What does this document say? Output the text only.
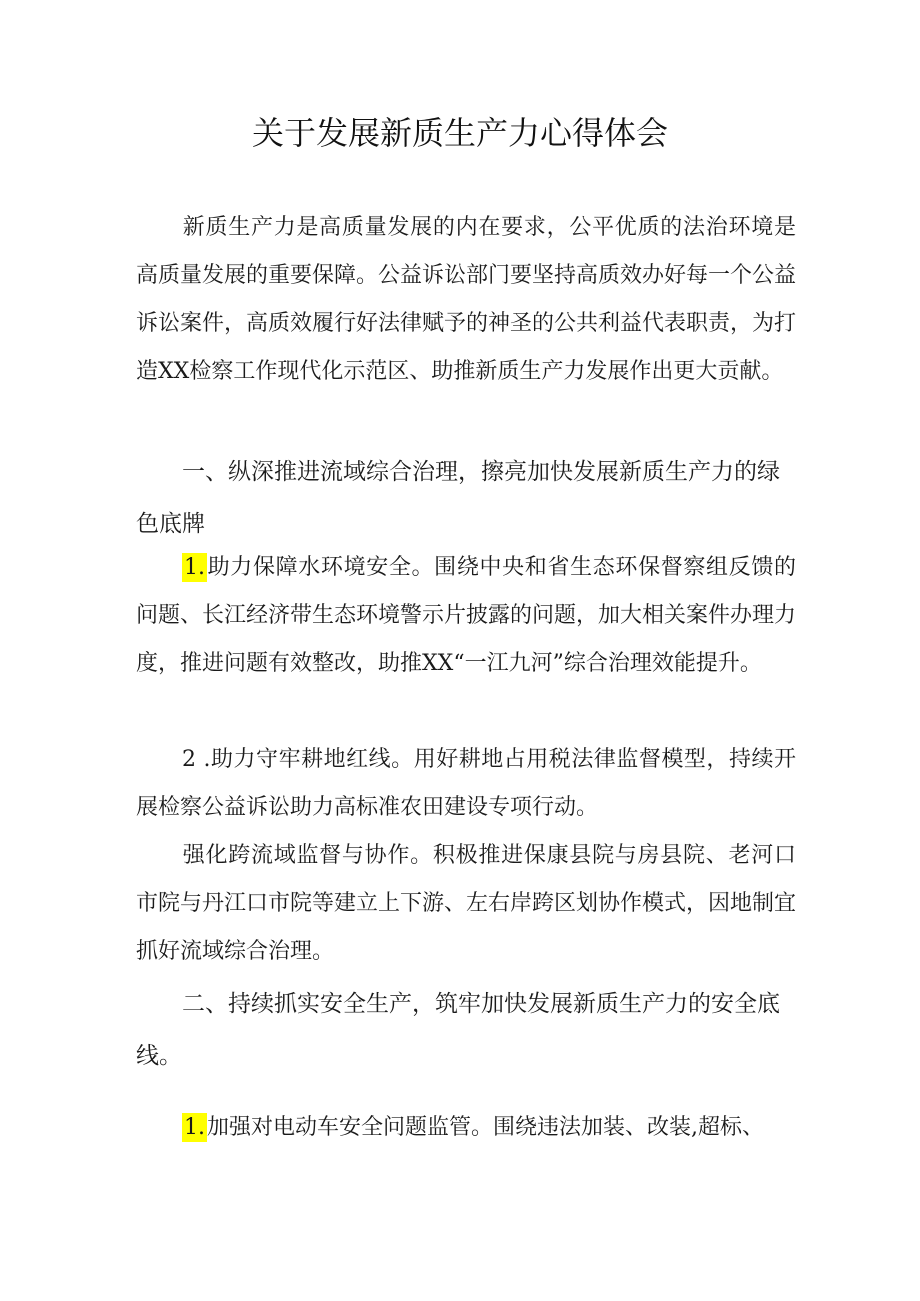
关于发展新质生产力心得体会

新质生产力是高质量发展的内在要求，公平优质的法治环境是高质量发展的重要保障。公益诉讼部门要坚持高质效办好每一个公益诉讼案件，高质效履行好法律赋予的神圣的公共利益代表职责，为打造XX检察工作现代化示范区、助推新质生产力发展作出更大贡献。

一、纵深推进流域综合治理，擦亮加快发展新质生产力的绿色底牌

1.助力保障水环境安全。围绕中央和省生态环保督察组反馈的问题、长江经济带生态环境警示片披露的问题，加大相关案件办理力度，推进问题有效整改，助推XX“一江九河”综合治理效能提升。

2 .助力守牢耕地红线。用好耕地占用税法律监督模型，持续开展检察公益诉讼助力高标准农田建设专项行动。

强化跨流域监督与协作。积极推进保康县院与房县院、老河口市院与丹江口市院等建立上下游、左右岸跨区划协作模式，因地制宜抓好流域综合治理。

二、持续抓实安全生产，筑牢加快发展新质生产力的安全底线。

1.加强对电动车安全问题监管。围绕违法加装、改装,超标、
